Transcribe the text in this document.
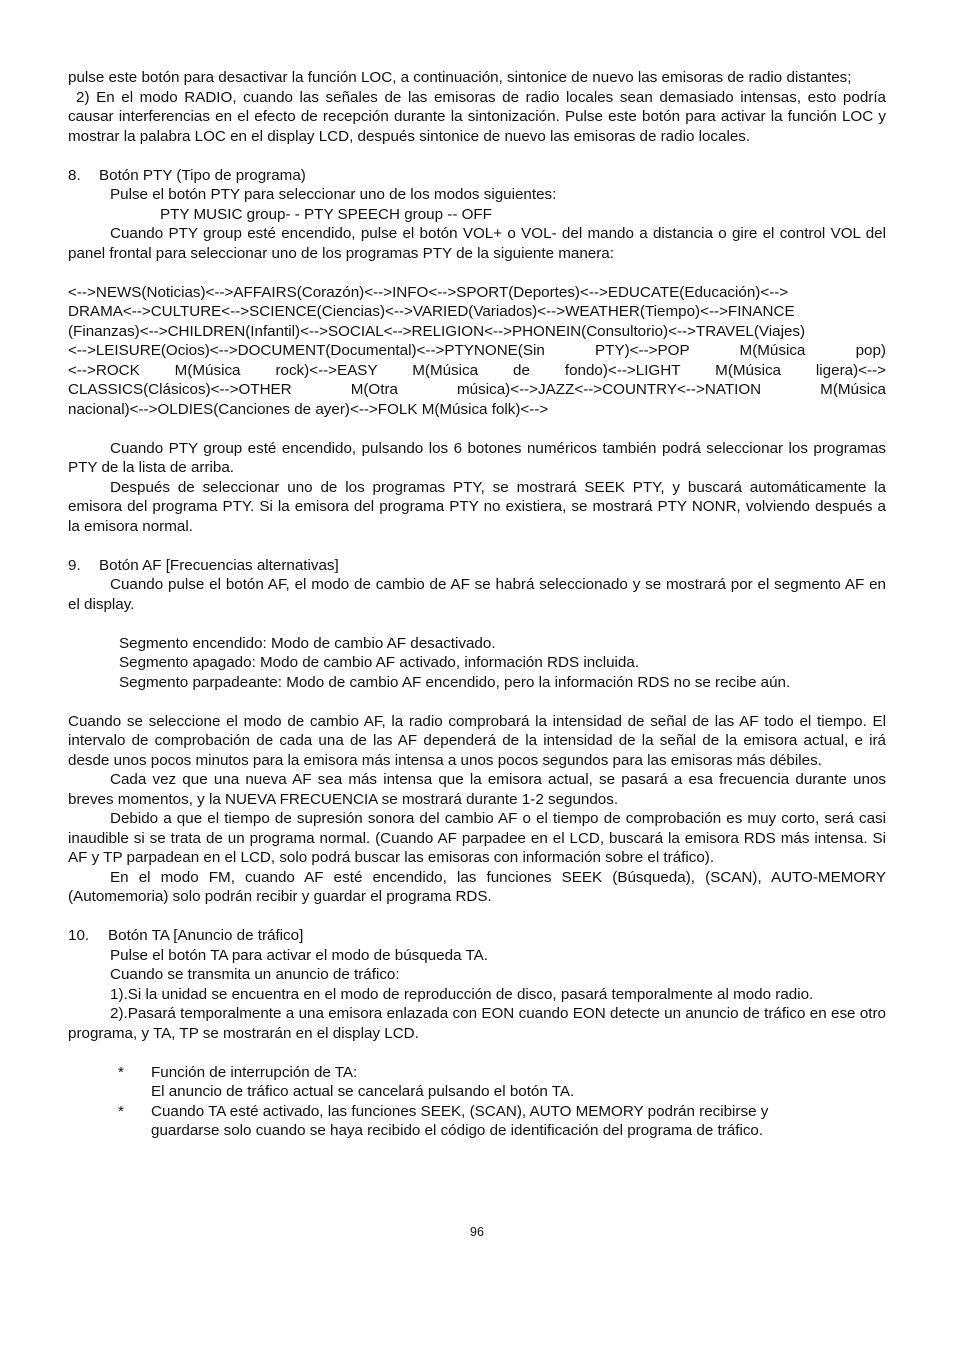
pulse este botón para desactivar la función LOC, a continuación, sintonice de nuevo las emisoras de radio distantes;

2) En el modo RADIO, cuando las señales de las emisoras de radio locales sean demasiado intensas, esto podría causar interferencias en el efecto de recepción durante la sintonización. Pulse este botón para activar la función LOC y mostrar la palabra LOC en el display LCD, después sintonice de nuevo las emisoras de radio locales.

8. Botón PTY (Tipo de programa)

Pulse el botón PTY para seleccionar uno de los modos siguientes:

PTY MUSIC group- - PTY SPEECH group -- OFF

Cuando PTY group esté encendido, pulse el botón VOL+ o VOL- del mando a distancia o gire el control VOL del panel frontal para seleccionar uno de los programas PTY de la siguiente manera:

<-->NEWS(Noticias)<-->AFFAIRS(Corazón)<-->INFO<-->SPORT(Deportes)<-->EDUCATE(Educación)<-->

DRAMA<-->CULTURE<-->SCIENCE(Ciencias)<-->VARIED(Variados)<-->WEATHER(Tiempo)<-->FINANCE

(Finanzas)<-->CHILDREN(Infantil)<-->SOCIAL<-->RELIGION<-->PHONEIN(Consultorio)<-->TRAVEL(Viajes)

<-->LEISURE(Ocios)<-->DOCUMENT(Documental)<-->PTYNONE(Sin PTY)<-->POP M(Música pop)

<-->ROCK M(Música rock)<-->EASY M(Música de fondo)<-->LIGHT M(Música ligera)<-->

CLASSICS(Clásicos)<-->OTHER M(Otra música)<-->JAZZ<-->COUNTRY<-->NATION M(Música

nacional)<-->OLDIES(Canciones de ayer)<-->FOLK M(Música folk)<-->

Cuando PTY group esté encendido, pulsando los 6 botones numéricos también podrá seleccionar los programas PTY de la lista de arriba.

Después de seleccionar uno de los programas PTY, se mostrará SEEK PTY, y buscará automáticamente la emisora del programa PTY. Si la emisora del programa PTY no existiera, se mostrará PTY NONR, volviendo después a la emisora normal.

9. Botón AF [Frecuencias alternativas]

Cuando pulse el botón AF, el modo de cambio de AF se habrá seleccionado y se mostrará por el segmento AF en el display.

Segmento encendido: Modo de cambio AF desactivado.

Segmento apagado: Modo de cambio AF activado, información RDS incluida.

Segmento parpadeante: Modo de cambio AF encendido, pero la información RDS no se recibe aún.

Cuando se seleccione el modo de cambio AF, la radio comprobará la intensidad de señal de las AF todo el tiempo. El intervalo de comprobación de cada una de las AF dependerá de la intensidad de la señal de la emisora actual, e irá desde unos pocos minutos para la emisora más intensa a unos pocos segundos para las emisoras más débiles.

Cada vez que una nueva AF sea más intensa que la emisora actual, se pasará a esa frecuencia durante unos breves momentos, y la NUEVA FRECUENCIA se mostrará durante 1-2 segundos.

Debido a que el tiempo de supresión sonora del cambio AF o el tiempo de comprobación es muy corto, será casi inaudible si se trata de un programa normal. (Cuando AF parpadee en el LCD, buscará la emisora RDS más intensa. Si AF y TP parpadean en el LCD, solo podrá buscar las emisoras con información sobre el tráfico).

En el modo FM, cuando AF esté encendido, las funciones SEEK (Búsqueda), (SCAN), AUTO-MEMORY (Automemoria) solo podrán recibir y guardar el programa RDS.

10. Botón TA [Anuncio de tráfico]

Pulse el botón TA para activar el modo de búsqueda TA.

Cuando se transmita un anuncio de tráfico:

1).Si la unidad se encuentra en el modo de reproducción de disco, pasará temporalmente al modo radio.

2).Pasará temporalmente a una emisora enlazada con EON cuando EON detecte un anuncio de tráfico en ese otro programa, y TA, TP se mostrarán en el display LCD.

* Función de interrupción de TA:

El anuncio de tráfico actual se cancelará pulsando el botón TA.

* Cuando TA esté activado, las funciones SEEK, (SCAN), AUTO MEMORY podrán recibirse y

guardarse solo cuando se haya recibido el código de identificación del programa de tráfico.

96
